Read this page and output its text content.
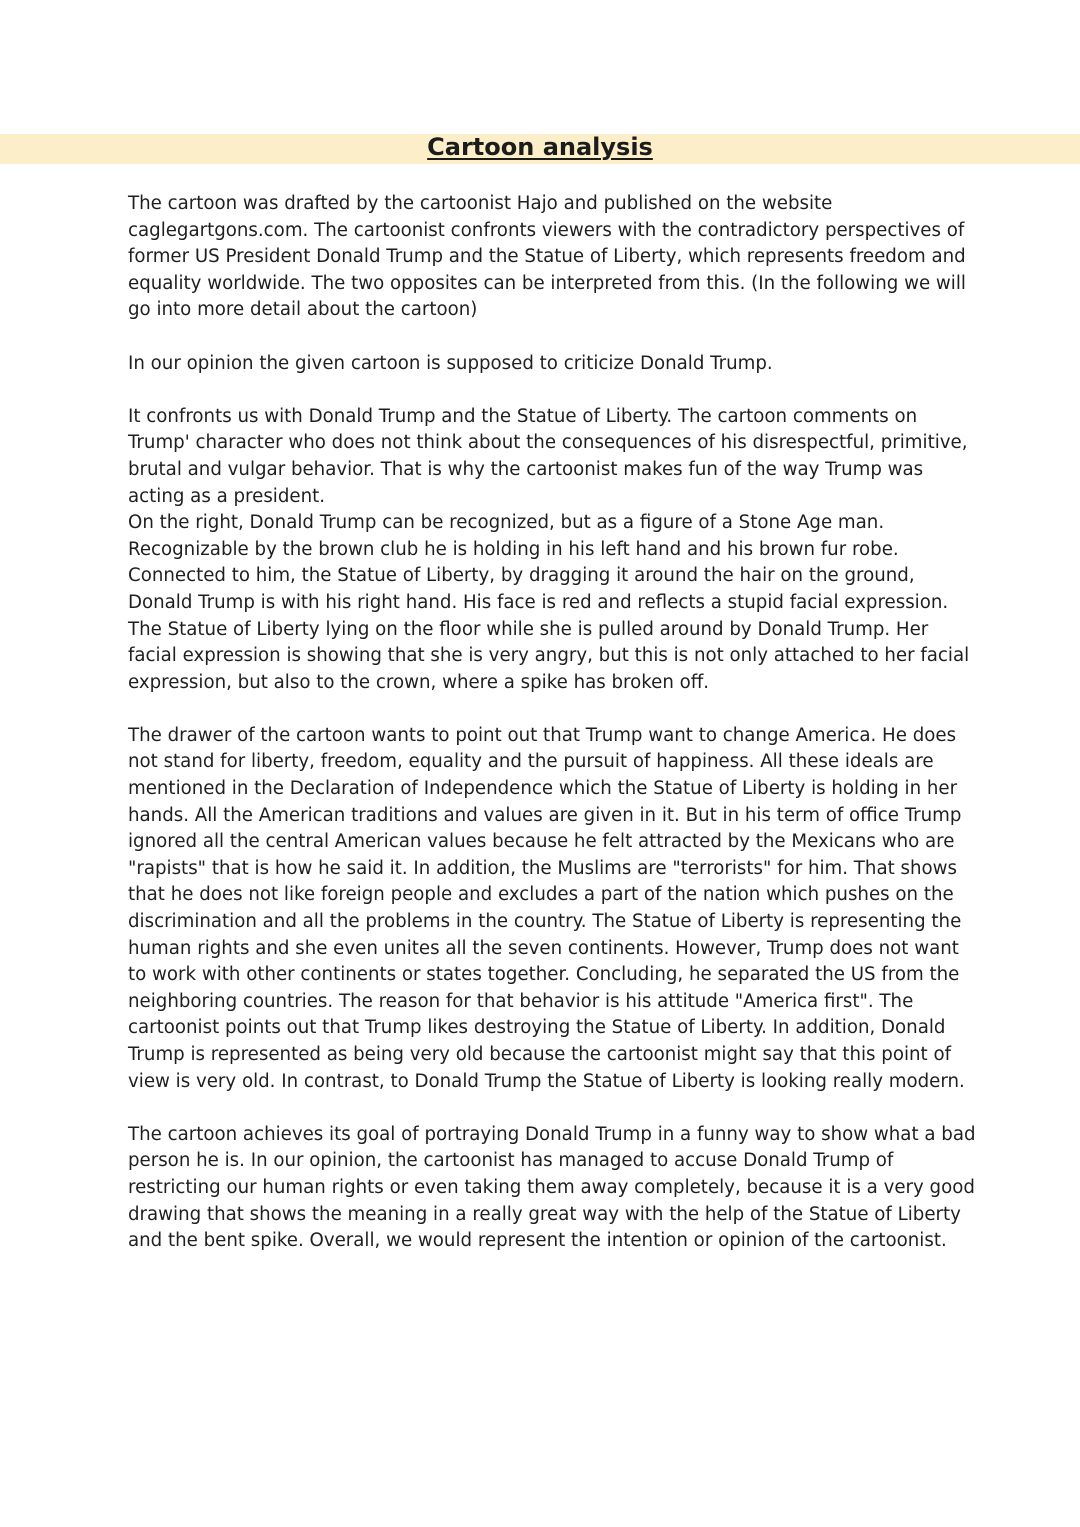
Cartoon analysis
The cartoon was drafted by the cartoonist Hajo and published on the website
caglegartgons.com. The cartoonist confronts viewers with the contradictory perspectives of
former US President Donald Trump and the Statue of Liberty, which represents freedom and
equality worldwide. The two opposites can be interpreted from this. (In the following we will
go into more detail about the cartoon)
In our opinion the given cartoon is supposed to criticize Donald Trump.
It confronts us with Donald Trump and the Statue of Liberty. The cartoon comments on
Trump' character who does not think about the consequences of his disrespectful, primitive,
brutal and vulgar behavior. That is why the cartoonist makes fun of the way Trump was
acting as a president.
On the right, Donald Trump can be recognized, but as a figure of a Stone Age man.
Recognizable by the brown club he is holding in his left hand and his brown fur robe.
Connected to him, the Statue of Liberty, by dragging it around the hair on the ground,
Donald Trump is with his right hand. His face is red and reflects a stupid facial expression.
The Statue of Liberty lying on the floor while she is pulled around by Donald Trump. Her
facial expression is showing that she is very angry, but this is not only attached to her facial
expression, but also to the crown, where a spike has broken off.
The drawer of the cartoon wants to point out that Trump want to change America. He does
not stand for liberty, freedom, equality and the pursuit of happiness. All these ideals are
mentioned in the Declaration of Independence which the Statue of Liberty is holding in her
hands. All the American traditions and values are given in it. But in his term of office Trump
ignored all the central American values because he felt attracted by the Mexicans who are
"rapists" that is how he said it. In addition, the Muslims are "terrorists" for him. That shows
that he does not like foreign people and excludes a part of the nation which pushes on the
discrimination and all the problems in the country. The Statue of Liberty is representing the
human rights and she even unites all the seven continents. However, Trump does not want
to work with other continents or states together. Concluding, he separated the US from the
neighboring countries. The reason for that behavior is his attitude "America first". The
cartoonist points out that Trump likes destroying the Statue of Liberty. In addition, Donald
Trump is represented as being very old because the cartoonist might say that this point of
view is very old. In contrast, to Donald Trump the Statue of Liberty is looking really modern.
The cartoon achieves its goal of portraying Donald Trump in a funny way to show what a bad
person he is. In our opinion, the cartoonist has managed to accuse Donald Trump of
restricting our human rights or even taking them away completely, because it is a very good
drawing that shows the meaning in a really great way with the help of the Statue of Liberty
and the bent spike. Overall, we would represent the intention or opinion of the cartoonist.
